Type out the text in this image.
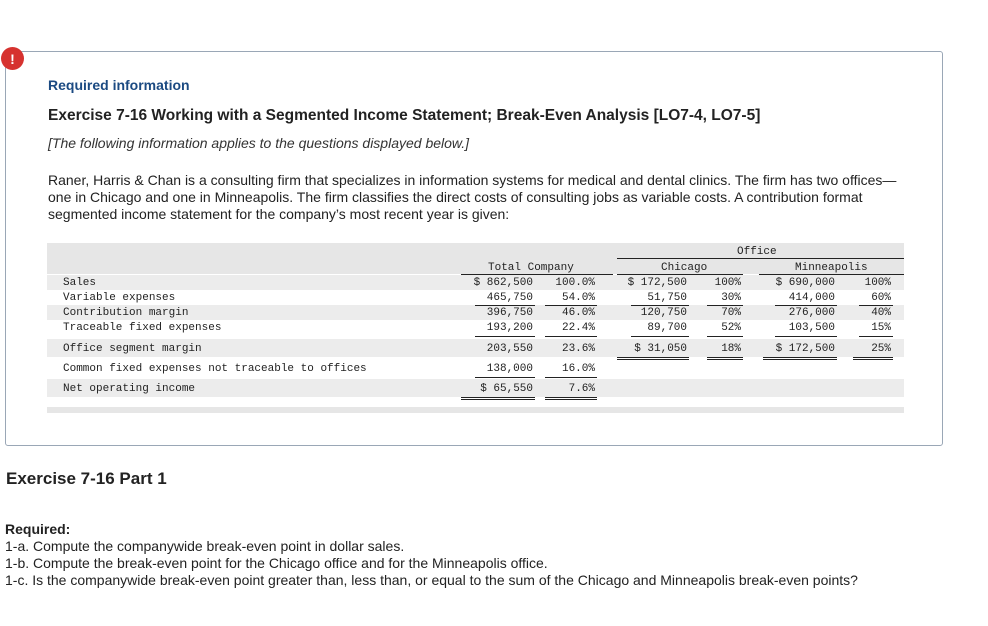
!
Required information
Exercise 7-16 Working with a Segmented Income Statement; Break-Even Analysis [LO7-4, LO7-5]
[The following information applies to the questions displayed below.]
Raner, Harris & Chan is a consulting firm that specializes in information systems for medical and dental clinics. The firm has two offices—one in Chicago and one in Minneapolis. The firm classifies the direct costs of consulting jobs as variable costs. A contribution format segmented income statement for the company’s most recent year is given:
Office
Total Company	Chicago	Minneapolis
Sales	$ 862,500	100.0%	$ 172,500	100%	$ 690,000	100%
Variable expenses	465,750	54.0%	51,750	30%	414,000	60%
Contribution margin	396,750	46.0%	120,750	70%	276,000	40%
Traceable fixed expenses	193,200	22.4%	89,700	52%	103,500	15%
Office segment margin	203,550	23.6%	$ 31,050	18%	$ 172,500	25%
Common fixed expenses not traceable to offices	138,000	16.0%
Net operating income	$ 65,550	7.6%
Exercise 7-16 Part 1
Required:
1-a. Compute the companywide break-even point in dollar sales.
1-b. Compute the break-even point for the Chicago office and for the Minneapolis office.
1-c. Is the companywide break-even point greater than, less than, or equal to the sum of the Chicago and Minneapolis break-even points?
